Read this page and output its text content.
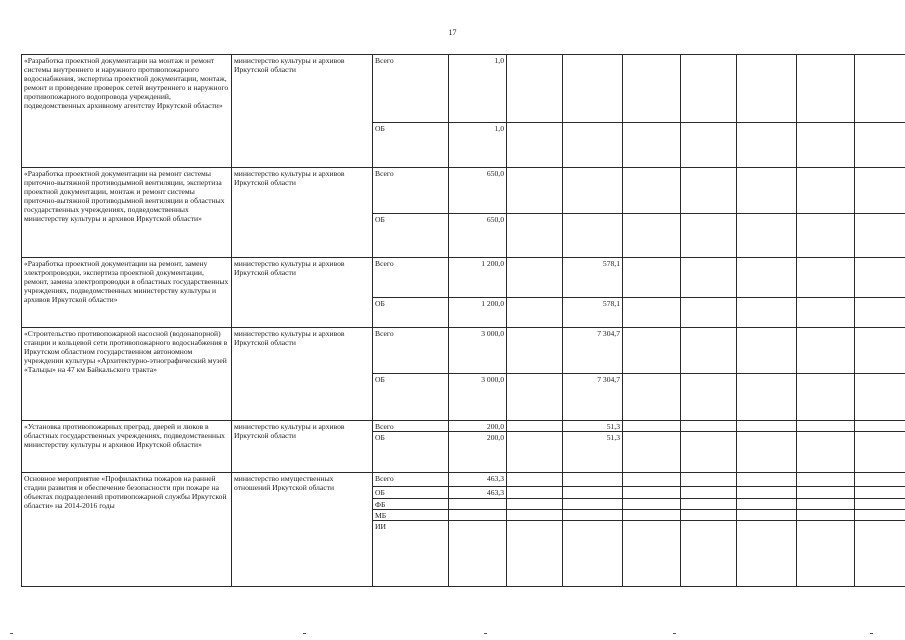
17
«Разработка проектной документации на монтаж и ремонт системы внутреннего и наружного противопожарного водоснабжения, экспертиза проектной документации, монтаж, ремонт и проведение проверок сетей внутреннего и наружного противопожарного водопровода учреждений, подведомственных архивному агентству Иркутской области»	министерство культуры и архивов Иркутской области	Всего	1,0							
		ОБ	1,0							
«Разработка проектной документации на ремонт системы приточно-вытяжной противодымной вентиляции, экспертиза проектной документации, монтаж и ремонт системы приточно-вытяжной противодымной вентиляции в областных государственных учреждениях, подведомственных министерству культуры и архивов Иркутской области»	министерство культуры и архивов Иркутской области	Всего	650,0							
		ОБ	650,0							
«Разработка проектной документации на ремонт, замену электропроводки, экспертиза проектной документации, ремонт, замена электропроводки в областных государственных учреждениях, подведомственных министерству культуры и архивов Иркутской области»	министерство культуры и архивов Иркутской области	Всего	1 200,0		578,1					
		ОБ	1 200,0		578,1					
«Строительство противопожарной насосной (водонапорной) станции и кольцевой сети противопожарного водоснабжения в Иркутском областном государственном автономном учреждении культуры «Архитектурно-этнографический музей «Тальцы» на 47 км Байкальского тракта»	министерство культуры и архивов Иркутской области	Всего	3 000,0		7 304,7					
		ОБ	3 000,0		7 304,7					
«Установка противопожарных преград, дверей и люков в областных государственных учреждениях, подведомственных министерству культуры и архивов Иркутской области»	министерство культуры и архивов Иркутской области	Всего	200,0		51,3					
		ОБ	200,0		51,3					
Основное мероприятие «Профилактика пожаров на ранней стадии развития и обеспечение безопасности при пожаре на объектах подразделений противопожарной службы Иркутской области» на 2014-2016 годы	министерство имущественных отношений Иркутской области	Всего	463,3							
		ОБ	463,3							
		ФБ								
		МБ								
		ИИ								
